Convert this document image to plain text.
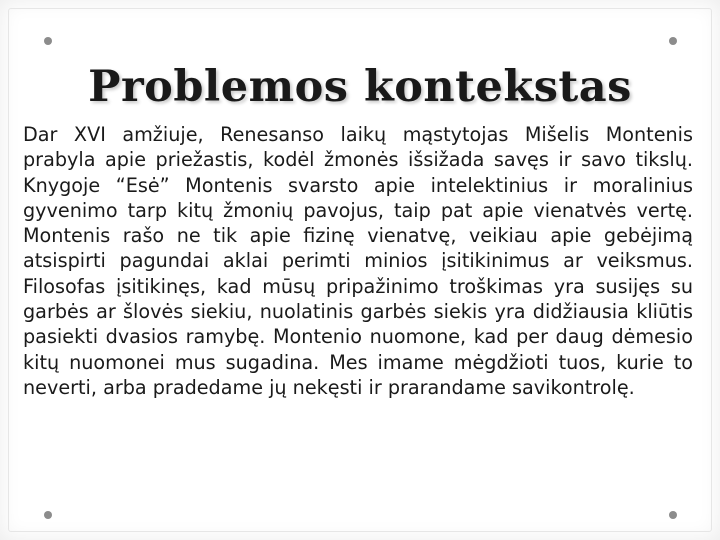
Problemos kontekstas

Dar XVI amžiuje, Renesanso laikų mąstytojas Mišelis Montenis prabyla apie priežastis, kodėl žmonės išsižada savęs ir savo tikslų. Knygoje “Esė” Montenis svarsto apie intelektinius ir moralinius gyvenimo tarp kitų žmonių pavojus, taip pat apie vienatvės vertę. Montenis rašo ne tik apie fizinę vienatvę, veikiau apie gebėjimą atsispirti pagundai aklai perimti minios įsitikinimus ar veiksmus. Filosofas įsitikinęs, kad mūsų pripažinimo troškimas yra susijęs su garbės ar šlovės siekiu, nuolatinis garbės siekis yra didžiausia kliūtis pasiekti dvasios ramybę. Montenio nuomone, kad per daug dėmesio kitų nuomonei mus sugadina. Mes imame mėgdžioti tuos, kurie to neverti, arba pradedame jų nekęsti ir prarandame savikontrolę.
